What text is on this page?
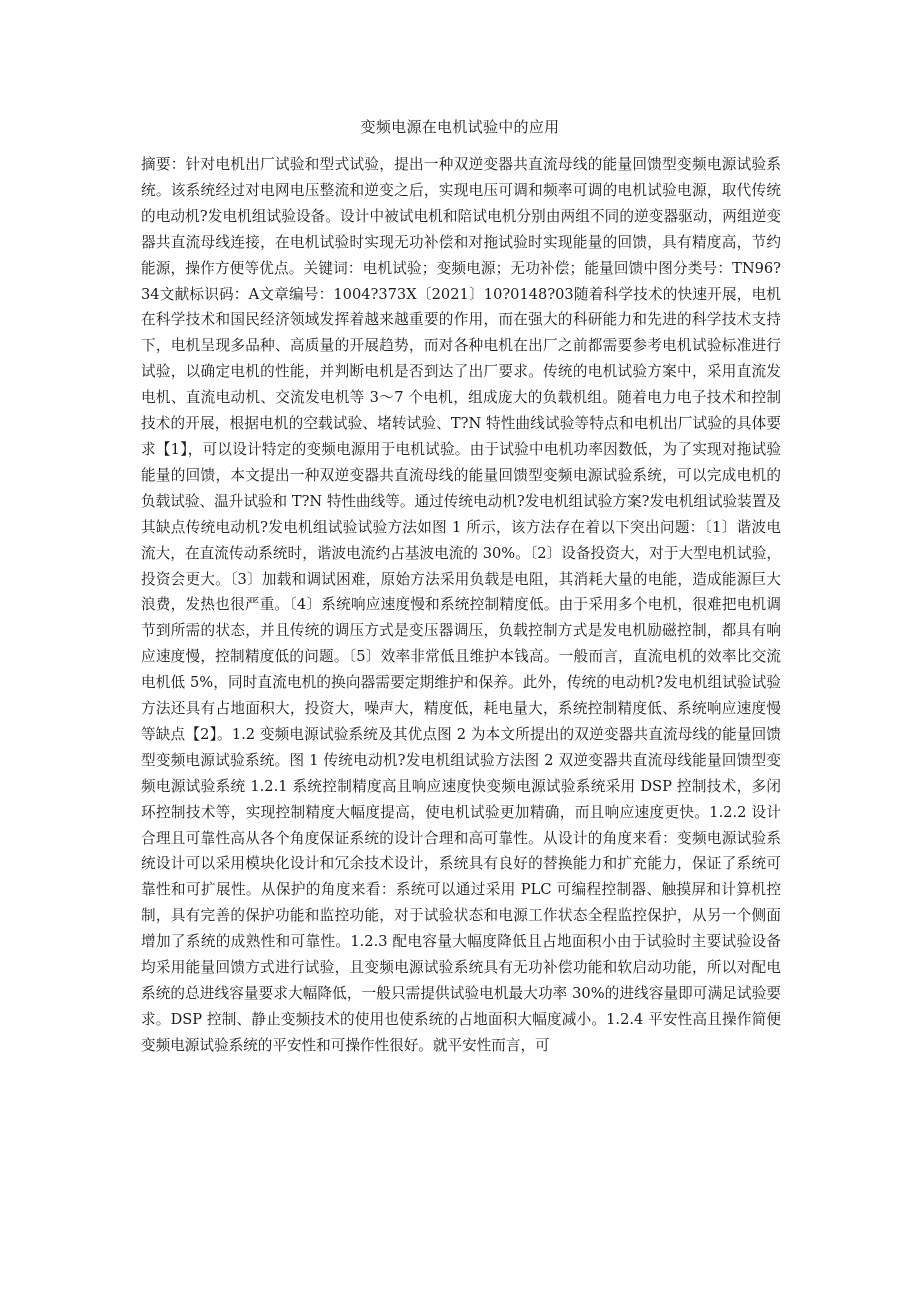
变频电源在电机试验中的应用
摘要：针对电机出厂试验和型式试验，提出一种双逆变器共直流母线的能量回馈型变频电源试验系统。该系统经过对电网电压整流和逆变之后，实现电压可调和频率可调的电机试验电源，取代传统的电动机?发电机组试验设备。设计中被试电机和陪试电机分别由两组不同的逆变器驱动，两组逆变器共直流母线连接，在电机试验时实现无功补偿和对拖试验时实现能量的回馈，具有精度高，节约能源，操作方便等优点。关键词：电机试验；变频电源；无功补偿；能量回馈中图分类号：TN96?34文献标识码：A文章编号：1004?373X〔2021〕10?0148?03随着科学技术的快速开展，电机在科学技术和国民经济领域发挥着越来越重要的作用，而在强大的科研能力和先进的科学技术支持下，电机呈现多品种、高质量的开展趋势，而对各种电机在出厂之前都需要参考电机试验标准进行试验，以确定电机的性能，并判断电机是否到达了出厂要求。传统的电机试验方案中，采用直流发电机、直流电动机、交流发电机等 3～7 个电机，组成庞大的负载机组。随着电力电子技术和控制技术的开展，根据电机的空载试验、堵转试验、T?N 特性曲线试验等特点和电机出厂试验的具体要求【1】，可以设计特定的变频电源用于电机试验。由于试验中电机功率因数低，为了实现对拖试验能量的回馈，本文提出一种双逆变器共直流母线的能量回馈型变频电源试验系统，可以完成电机的负载试验、温升试验和 T?N 特性曲线等。通过传统电动机?发电机组试验方案?发电机组试验装置及其缺点传统电动机?发电机组试验试验方法如图 1 所示，该方法存在着以下突出问题：〔1〕谐波电流大，在直流传动系统时，谐波电流约占基波电流的 30%。〔2〕设备投资大，对于大型电机试验，投资会更大。〔3〕加载和调试困难，原始方法采用负载是电阻，其消耗大量的电能，造成能源巨大浪费，发热也很严重。〔4〕系统响应速度慢和系统控制精度低。由于采用多个电机，很难把电机调节到所需的状态，并且传统的调压方式是变压器调压，负载控制方式是发电机励磁控制，都具有响应速度慢，控制精度低的问题。〔5〕效率非常低且维护本钱高。一般而言，直流电机的效率比交流电机低 5%，同时直流电机的换向器需要定期维护和保养。此外，传统的电动机?发电机组试验试验方法还具有占地面积大，投资大，噪声大，精度低，耗电量大，系统控制精度低、系统响应速度慢等缺点【2】。1.2 变频电源试验系统及其优点图 2 为本文所提出的双逆变器共直流母线的能量回馈型变频电源试验系统。图 1 传统电动机?发电机组试验方法图 2 双逆变器共直流母线能量回馈型变频电源试验系统 1.2.1 系统控制精度高且响应速度快变频电源试验系统采用 DSP 控制技术，多闭环控制技术等，实现控制精度大幅度提高，使电机试验更加精确，而且响应速度更快。1.2.2 设计合理且可靠性高从各个角度保证系统的设计合理和高可靠性。从设计的角度来看：变频电源试验系统设计可以采用模块化设计和冗余技术设计，系统具有良好的替换能力和扩充能力，保证了系统可靠性和可扩展性。从保护的角度来看：系统可以通过采用 PLC 可编程控制器、触摸屏和计算机控制，具有完善的保护功能和监控功能，对于试验状态和电源工作状态全程监控保护，从另一个侧面增加了系统的成熟性和可靠性。1.2.3 配电容量大幅度降低且占地面积小由于试验时主要试验设备均采用能量回馈方式进行试验，且变频电源试验系统具有无功补偿功能和软启动功能，所以对配电系统的总进线容量要求大幅降低，一般只需提供试验电机最大功率 30%的进线容量即可满足试验要求。DSP 控制、静止变频技术的使用也使系统的占地面积大幅度减小。1.2.4 平安性高且操作简便变频电源试验系统的平安性和可操作性很好。就平安性而言，可
